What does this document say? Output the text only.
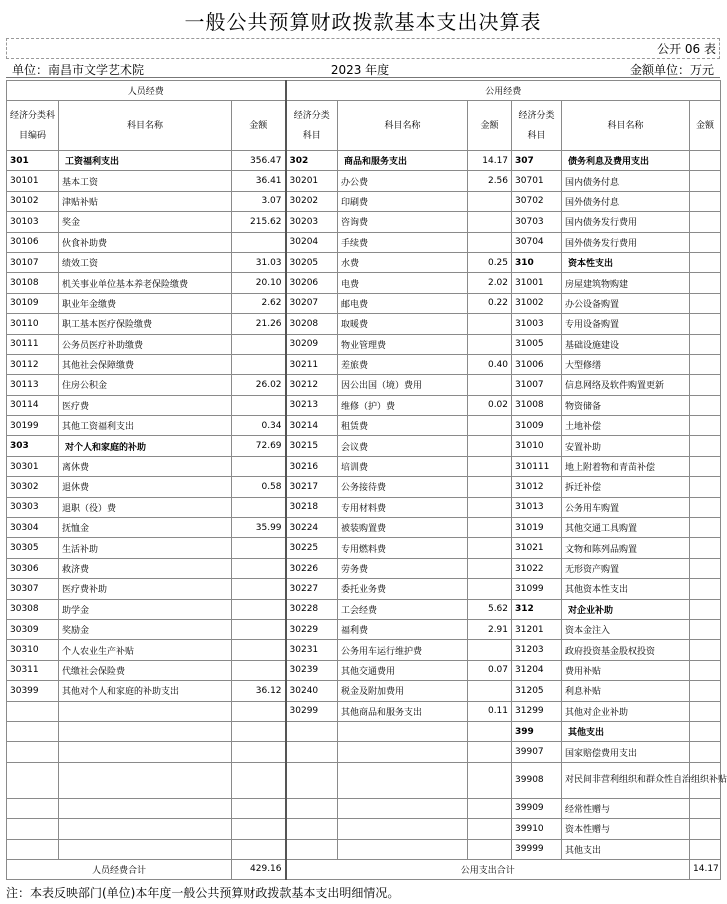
一般公共预算财政拨款基本支出决算表
公开 06 表
单位：南昌市文学艺术院	2023 年度	金额单位：万元
人员经费			公用经费					
经济分类科目编码	科目名称	金额	经济分类科目	科目名称	金额	经济分类科目	科目名称	金额
301	工资福利支出	356.47	302	商品和服务支出	14.17	307	债务利息及费用支出	
30101	基本工资	36.41	30201	办公费	2.56	30701	国内债务付息	
30102	津贴补贴	3.07	30202	印刷费		30702	国外债务付息	
30103	奖金	215.62	30203	咨询费		30703	国内债务发行费用	
30106	伙食补助费		30204	手续费		30704	国外债务发行费用	
30107	绩效工资	31.03	30205	水费	0.25	310	资本性支出	
30108	机关事业单位基本养老保险缴费	20.10	30206	电费	2.02	31001	房屋建筑物购建	
30109	职业年金缴费	2.62	30207	邮电费	0.22	31002	办公设备购置	
30110	职工基本医疗保险缴费	21.26	30208	取暖费		31003	专用设备购置	
30111	公务员医疗补助缴费		30209	物业管理费		31005	基础设施建设	
30112	其他社会保障缴费		30211	差旅费	0.40	31006	大型修缮	
30113	住房公积金	26.02	30212	因公出国（境）费用		31007	信息网络及软件购置更新	
30114	医疗费		30213	维修（护）费	0.02	31008	物资储备	
30199	其他工资福利支出	0.34	30214	租赁费		31009	土地补偿	
303	对个人和家庭的补助	72.69	30215	会议费		31010	安置补助	
30301	离休费		30216	培训费		310111	地上附着物和青苗补偿	
30302	退休费	0.58	30217	公务接待费		31012	拆迁补偿	
30303	退职（役）费		30218	专用材料费		31013	公务用车购置	
30304	抚恤金	35.99	30224	被装购置费		31019	其他交通工具购置	
30305	生活补助		30225	专用燃料费		31021	文物和陈列品购置	
30306	救济费		30226	劳务费		31022	无形资产购置	
30307	医疗费补助		30227	委托业务费		31099	其他资本性支出	
30308	助学金		30228	工会经费	5.62	312	对企业补助	
30309	奖励金		30229	福利费	2.91	31201	资本金注入	
30310	个人农业生产补贴		30231	公务用车运行维护费		31203	政府投资基金股权投资	
30311	代缴社会保险费		30239	其他交通费用	0.07	31204	费用补贴	
30399	其他对个人和家庭的补助支出	36.12	30240	税金及附加费用		31205	利息补贴	
			30299	其他商品和服务支出	0.11	31299	其他对企业补助	
						399	其他支出	
						39907	国家赔偿费用支出	
						39908	对民间非营利组织和群众性自治组织补贴	
						39909	经常性赠与	
						39910	资本性赠与	
						39999	其他支出	
人员经费合计		429.16	公用支出合计					14.17
注：本表反映部门(单位)本年度一般公共预算财政拨款基本支出明细情况。
